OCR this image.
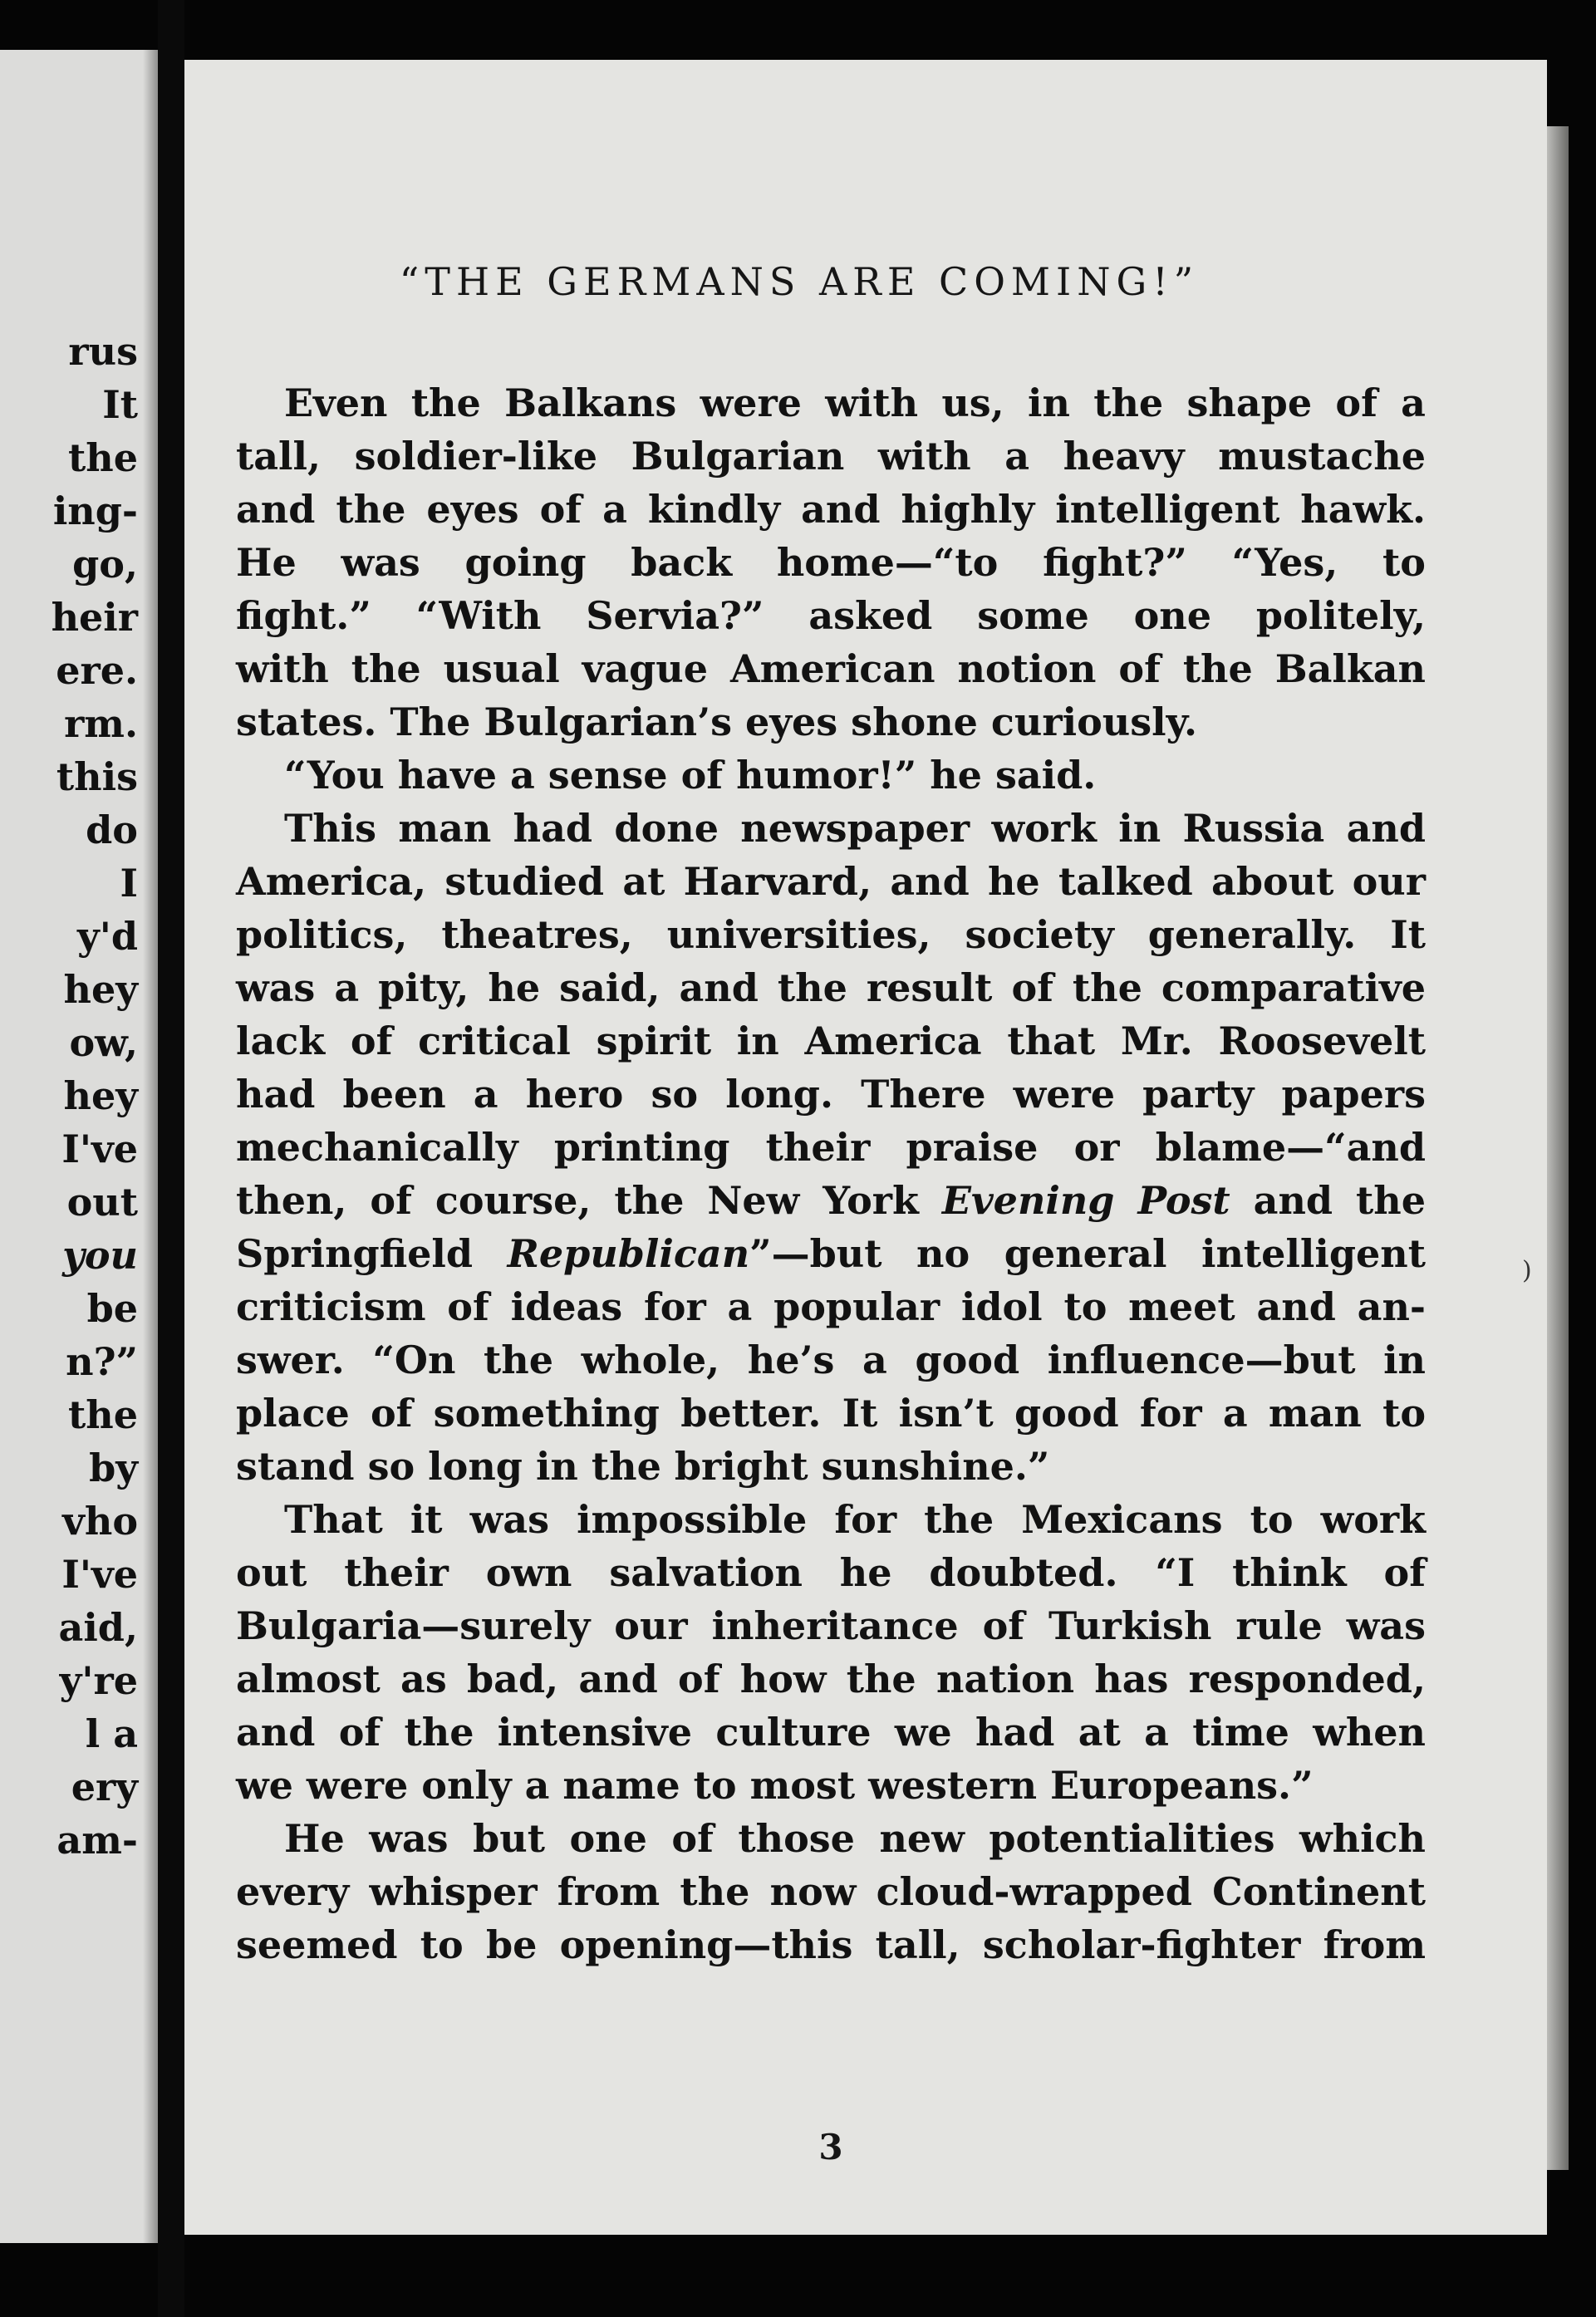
rus
It
the
ing-
go,
heir
ere.
rm.
this
do
I
y'd
hey
ow,
hey
I've
out
you
be
n?”
the
by
vho
I've
aid,
y're
l a
ery
am-
“THE GERMANS ARE COMING!”
Even the Balkans were with us, in the shape of a
tall, soldier-like Bulgarian with a heavy mustache
and the eyes of a kindly and highly intelligent hawk.
He was going back home—“to fight?” “Yes, to
fight.” “With Servia?” asked some one politely,
with the usual vague American notion of the Balkan
states. The Bulgarian’s eyes shone curiously.
“You have a sense of humor!” he said.
This man had done newspaper work in Russia and
America, studied at Harvard, and he talked about our
politics, theatres, universities, society generally. It
was a pity, he said, and the result of the comparative
lack of critical spirit in America that Mr. Roosevelt
had been a hero so long. There were party papers
mechanically printing their praise or blame—“and
then, of course, the New York Evening Post and the
Springfield Republican”—but no general intelligent
criticism of ideas for a popular idol to meet and an-
swer. “On the whole, he’s a good influence—but in
place of something better. It isn’t good for a man to
stand so long in the bright sunshine.”
That it was impossible for the Mexicans to work
out their own salvation he doubted. “I think of
Bulgaria—surely our inheritance of Turkish rule was
almost as bad, and of how the nation has responded,
and of the intensive culture we had at a time when
we were only a name to most western Europeans.”
He was but one of those new potentialities which
every whisper from the now cloud-wrapped Continent
seemed to be opening—this tall, scholar-fighter from
3
)
